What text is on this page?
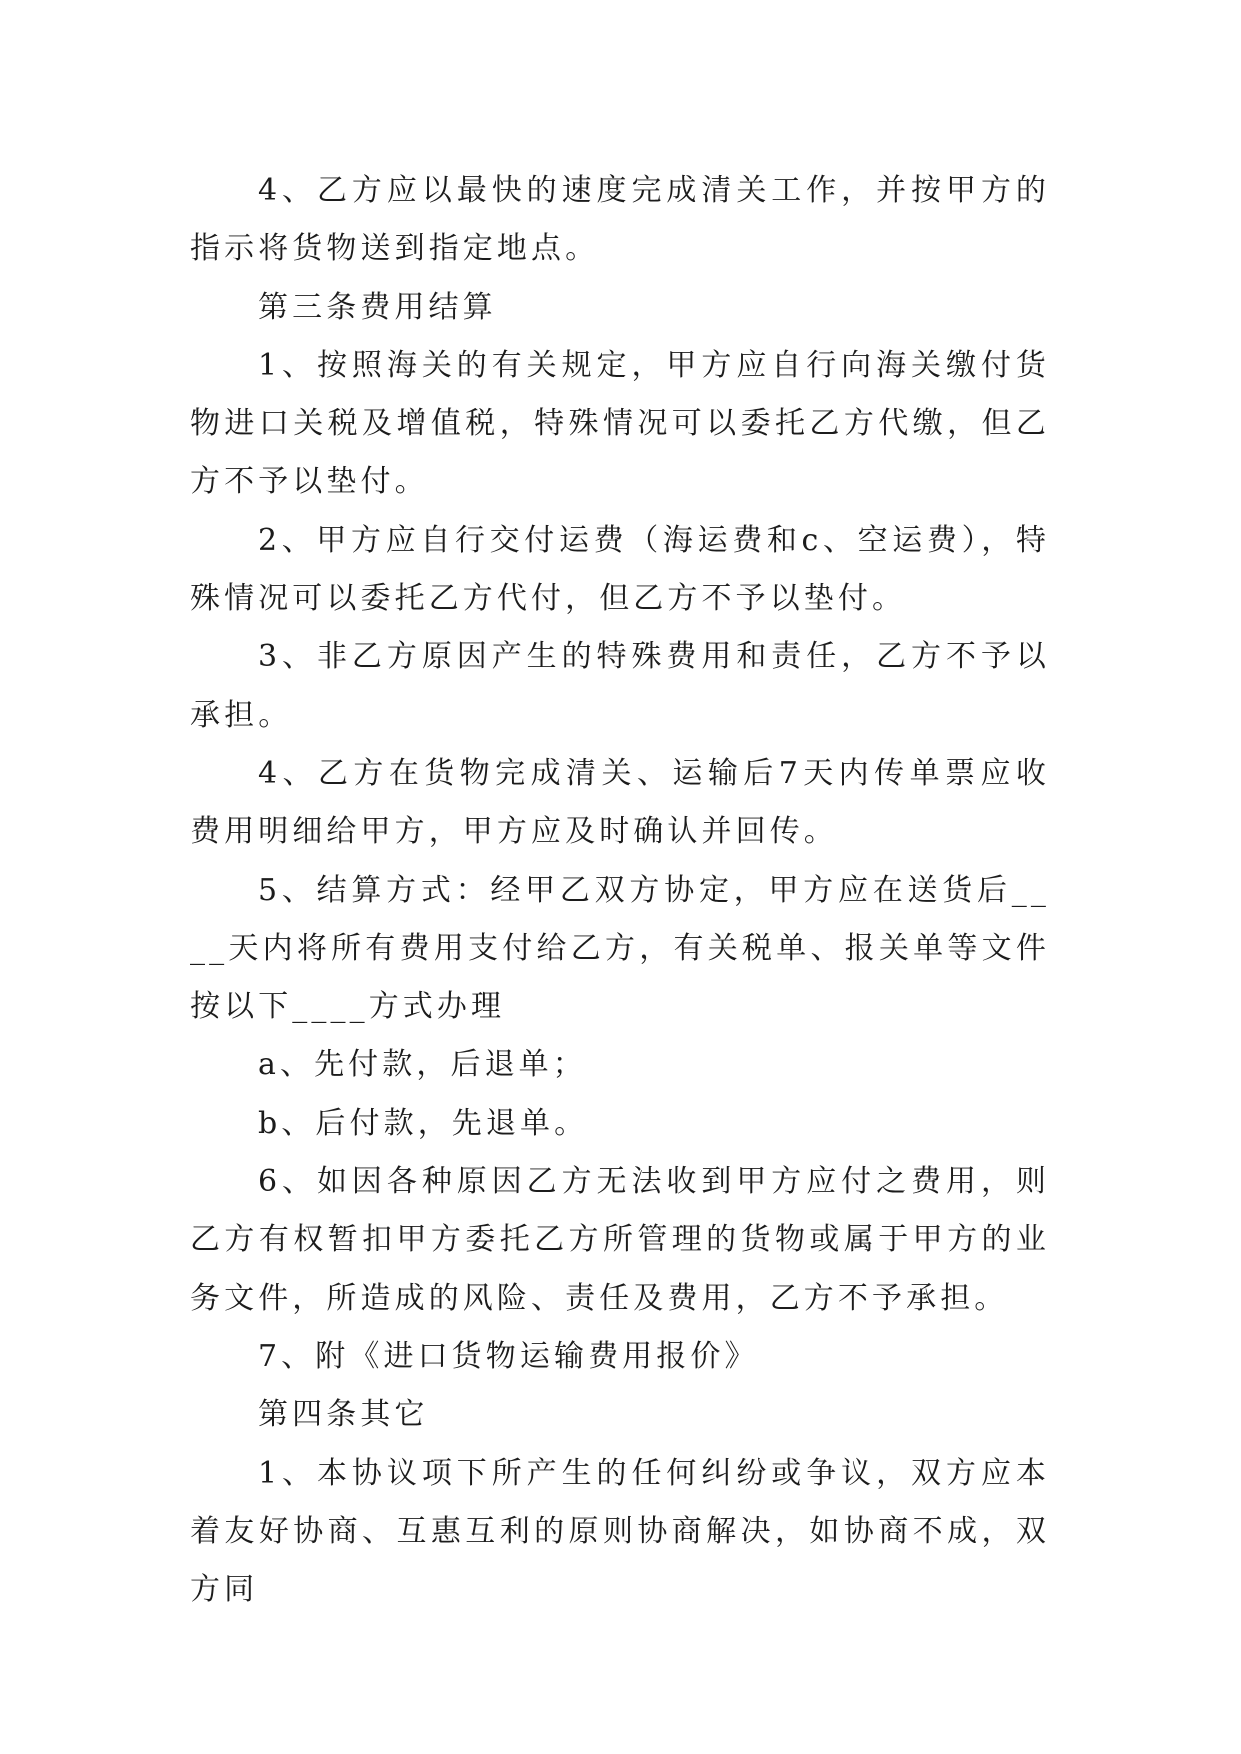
4、乙方应以最快的速度完成清关工作，并按甲方的指示将货物送到指定地点。

第三条费用结算

1、按照海关的有关规定，甲方应自行向海关缴付货物进口关税及增值税，特殊情况可以委托乙方代缴，但乙方不予以垫付。

2、甲方应自行交付运费（海运费和c、空运费），特殊情况可以委托乙方代付，但乙方不予以垫付。

3、非乙方原因产生的特殊费用和责任，乙方不予以承担。

4、乙方在货物完成清关、运输后7天内传单票应收费用明细给甲方，甲方应及时确认并回传。

5、结算方式：经甲乙双方协定，甲方应在送货后____天内将所有费用支付给乙方，有关税单、报关单等文件按以下____方式办理

a、先付款，后退单；

b、后付款，先退单。

6、如因各种原因乙方无法收到甲方应付之费用，则乙方有权暂扣甲方委托乙方所管理的货物或属于甲方的业务文件，所造成的风险、责任及费用，乙方不予承担。

7、附《进口货物运输费用报价》

第四条其它

1、本协议项下所产生的任何纠纷或争议，双方应本着友好协商、互惠互利的原则协商解决，如协商不成，双方同
